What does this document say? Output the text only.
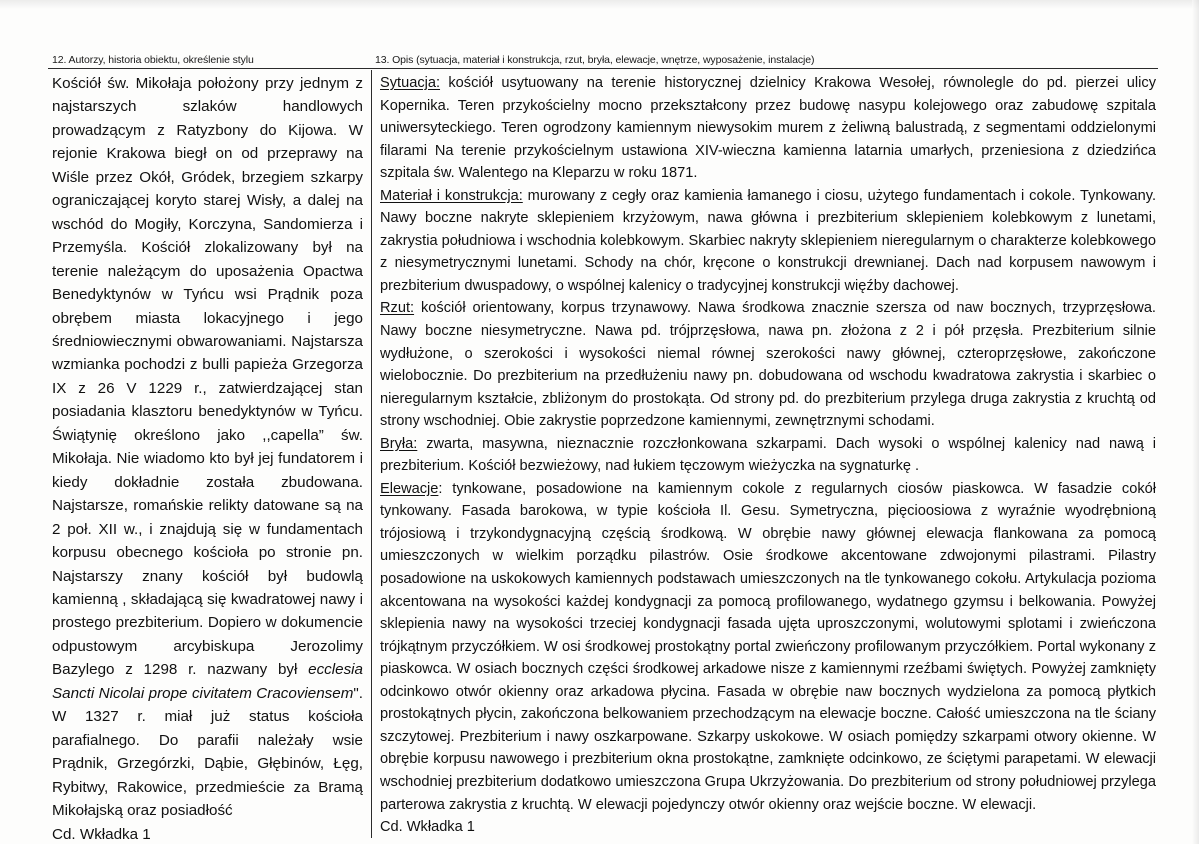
12. Autorzy, historia obiektu, określenie stylu	13. Opis (sytuacja, materiał i konstrukcja, rzut, bryła, elewacje, wnętrze, wyposażenie, instalacje)

Kościół św. Mikołaja położony przy jednym z najstarszych szlaków handlowych prowadzącym z Ratyzbony do Kijowa. W rejonie Krakowa biegł on od przeprawy na Wiśle przez Okół, Gródek, brzegiem szkarpy ograniczającej koryto starej Wisły, a dalej na wschód do Mogiły, Korczyna, Sandomierza i Przemyśla. Kościół zlokalizowany był na terenie należącym do uposażenia Opactwa Benedyktynów w Tyńcu wsi Prądnik poza obrębem miasta lokacyjnego i jego średniowiecznymi obwarowaniami. Najstarsza wzmianka pochodzi z bulli papieża Grzegorza IX z 26 V 1229 r., zatwierdzającej stan posiadania klasztoru benedyktynów w Tyńcu. Świątynię określono jako ,,capella” św. Mikołaja. Nie wiadomo kto był jej fundatorem i kiedy dokładnie została zbudowana. Najstarsze, romańskie relikty datowane są na 2 poł. XII w., i znajdują się w fundamentach korpusu obecnego kościoła po stronie pn. Najstarszy znany kościół był budowlą kamienną , składającą się kwadratowej nawy i prostego prezbiterium. Dopiero w dokumencie odpustowym arcybiskupa Jerozolimy Bazylego z 1298 r. nazwany był ecclesia Sancti Nicolai prope civitatem Cracoviensem". W 1327 r. miał już status kościoła parafialnego. Do parafii należały wsie Prądnik, Grzegórzki, Dąbie, Głębinów, Łęg, Rybitwy, Rakowice, przedmieście za Bramą Mikołajską oraz posiadłość

Cd. Wkładka 1

Sytuacja: kościół usytuowany na terenie historycznej dzielnicy Krakowa Wesołej, równolegle do pd. pierzei ulicy Kopernika. Teren przykościelny mocno przekształcony przez budowę nasypu kolejowego oraz zabudowę szpitala uniwersyteckiego. Teren ogrodzony kamiennym niewysokim murem z żeliwną balustradą, z segmentami oddzielonymi filarami Na terenie przykościelnym ustawiona XIV-wieczna kamienna latarnia umarłych, przeniesiona z dziedzińca szpitala św. Walentego na Kleparzu w roku 1871.

Materiał i konstrukcja: murowany z cegły oraz kamienia łamanego i ciosu, użytego fundamentach i cokole. Tynkowany. Nawy boczne nakryte sklepieniem krzyżowym, nawa główna i prezbiterium sklepieniem kolebkowym z lunetami, zakrystia południowa i wschodnia kolebkowym. Skarbiec nakryty sklepieniem nieregularnym o charakterze kolebkowego z niesymetrycznymi lunetami. Schody na chór, kręcone o konstrukcji drewnianej. Dach nad korpusem nawowym i prezbiterium dwuspadowy, o wspólnej kalenicy o tradycyjnej konstrukcji więźby dachowej.

Rzut: kościół orientowany, korpus trzynawowy. Nawa środkowa znacznie szersza od naw bocznych, trzyprzęsłowa. Nawy boczne niesymetryczne. Nawa pd. trójprzęsłowa, nawa pn. złożona z 2 i pół przęsła. Prezbiterium silnie wydłużone, o szerokości i wysokości niemal równej szerokości nawy głównej, czteroprzęsłowe, zakończone wielobocznie. Do prezbiterium na przedłużeniu nawy pn. dobudowana od wschodu kwadratowa zakrystia i skarbiec o nieregularnym kształcie, zbliżonym do prostokąta. Od strony pd. do prezbiterium przylega druga zakrystia z kruchtą od strony wschodniej. Obie zakrystie poprzedzone kamiennymi, zewnętrznymi schodami.

Bryła: zwarta, masywna, nieznacznie rozczłonkowana szkarpami. Dach wysoki o wspólnej kalenicy nad nawą i prezbiterium. Kościół bezwieżowy, nad łukiem tęczowym wieżyczka na sygnaturkę .

Elewacje: tynkowane, posadowione na kamiennym cokole z regularnych ciosów piaskowca. W fasadzie cokół tynkowany. Fasada barokowa, w typie kościoła Il. Gesu. Symetryczna, pięcioosiowa z wyraźnie wyodrębnioną trójosiową i trzykondygnacyjną częścią środkową. W obrębie nawy głównej elewacja flankowana za pomocą umieszczonych w wielkim porządku pilastrów. Osie środkowe akcentowane zdwojonymi pilastrami. Pilastry posadowione na uskokowych kamiennych podstawach umieszczonych na tle tynkowanego cokołu. Artykulacja pozioma akcentowana na wysokości każdej kondygnacji za pomocą profilowanego, wydatnego gzymsu i belkowania. Powyżej sklepienia nawy na wysokości trzeciej kondygnacji fasada ujęta uproszczonymi, wolutowymi splotami i zwieńczona trójkątnym przyczółkiem. W osi środkowej prostokątny portal zwieńczony profilowanym przyczółkiem. Portal wykonany z piaskowca. W osiach bocznych części środkowej arkadowe nisze z kamiennymi rzeźbami świętych. Powyżej zamknięty odcinkowo otwór okienny oraz arkadowa płycina. Fasada w obrębie naw bocznych wydzielona za pomocą płytkich prostokątnych płycin, zakończona belkowaniem przechodzącym na elewacje boczne. Całość umieszczona na tle ściany szczytowej. Prezbiterium i nawy oszkarpowane. Szkarpy uskokowe. W osiach pomiędzy szkarpami otwory okienne. W obrębie korpusu nawowego i prezbiterium okna prostokątne, zamknięte odcinkowo, ze ściętymi parapetami. W elewacji wschodniej prezbiterium dodatkowo umieszczona Grupa Ukrzyżowania. Do prezbiterium od strony południowej przylega parterowa zakrystia z kruchtą. W elewacji pojedynczy otwór okienny oraz wejście boczne. W elewacji.

Cd. Wkładka 1
